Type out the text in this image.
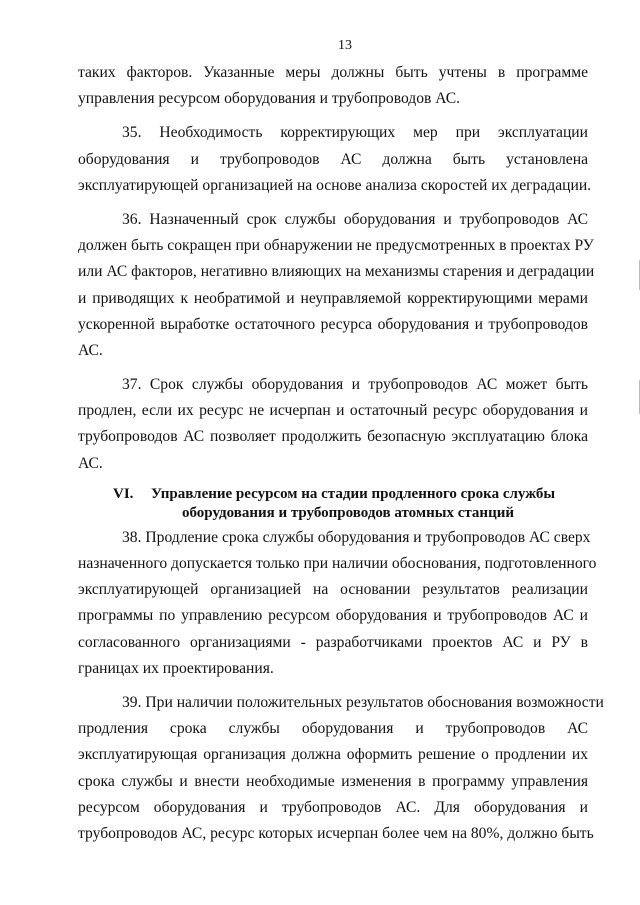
13
таких факторов. Указанные меры должны быть учтены в программе
управления ресурсом оборудования и трубопроводов АС.
35. Необходимость корректирующих мер при эксплуатации
оборудования и трубопроводов АС должна быть установлена
эксплуатирующей организацией на основе анализа скоростей их деградации.
36. Назначенный срок службы оборудования и трубопроводов АС
должен быть сокращен при обнаружении не предусмотренных в проектах РУ
или АС факторов, негативно влияющих на механизмы старения и деградации
и приводящих к необратимой и неуправляемой корректирующими мерами
ускоренной выработке остаточного ресурса оборудования и трубопроводов
АС.
37. Срок службы оборудования и трубопроводов АС может быть
продлен, если их ресурс не исчерпан и остаточный ресурс оборудования и
трубопроводов АС позволяет продолжить безопасную эксплуатацию блока
АС.
VI.	Управление ресурсом на стадии продленного срока службы
оборудования и трубопроводов атомных станций
38. Продление срока службы оборудования и трубопроводов АС сверх
назначенного допускается только при наличии обоснования, подготовленного
эксплуатирующей организацией на основании результатов реализации
программы по управлению ресурсом оборудования и трубопроводов АС и
согласованного организациями - разработчиками проектов АС и РУ в
границах их проектирования.
39. При наличии положительных результатов обоснования возможности
продления срока службы оборудования и трубопроводов АС
эксплуатирующая организация должна оформить решение о продлении их
срока службы и внести необходимые изменения в программу управления
ресурсом оборудования и трубопроводов АС. Для оборудования и
трубопроводов АС, ресурс которых исчерпан более чем на 80%, должно быть
